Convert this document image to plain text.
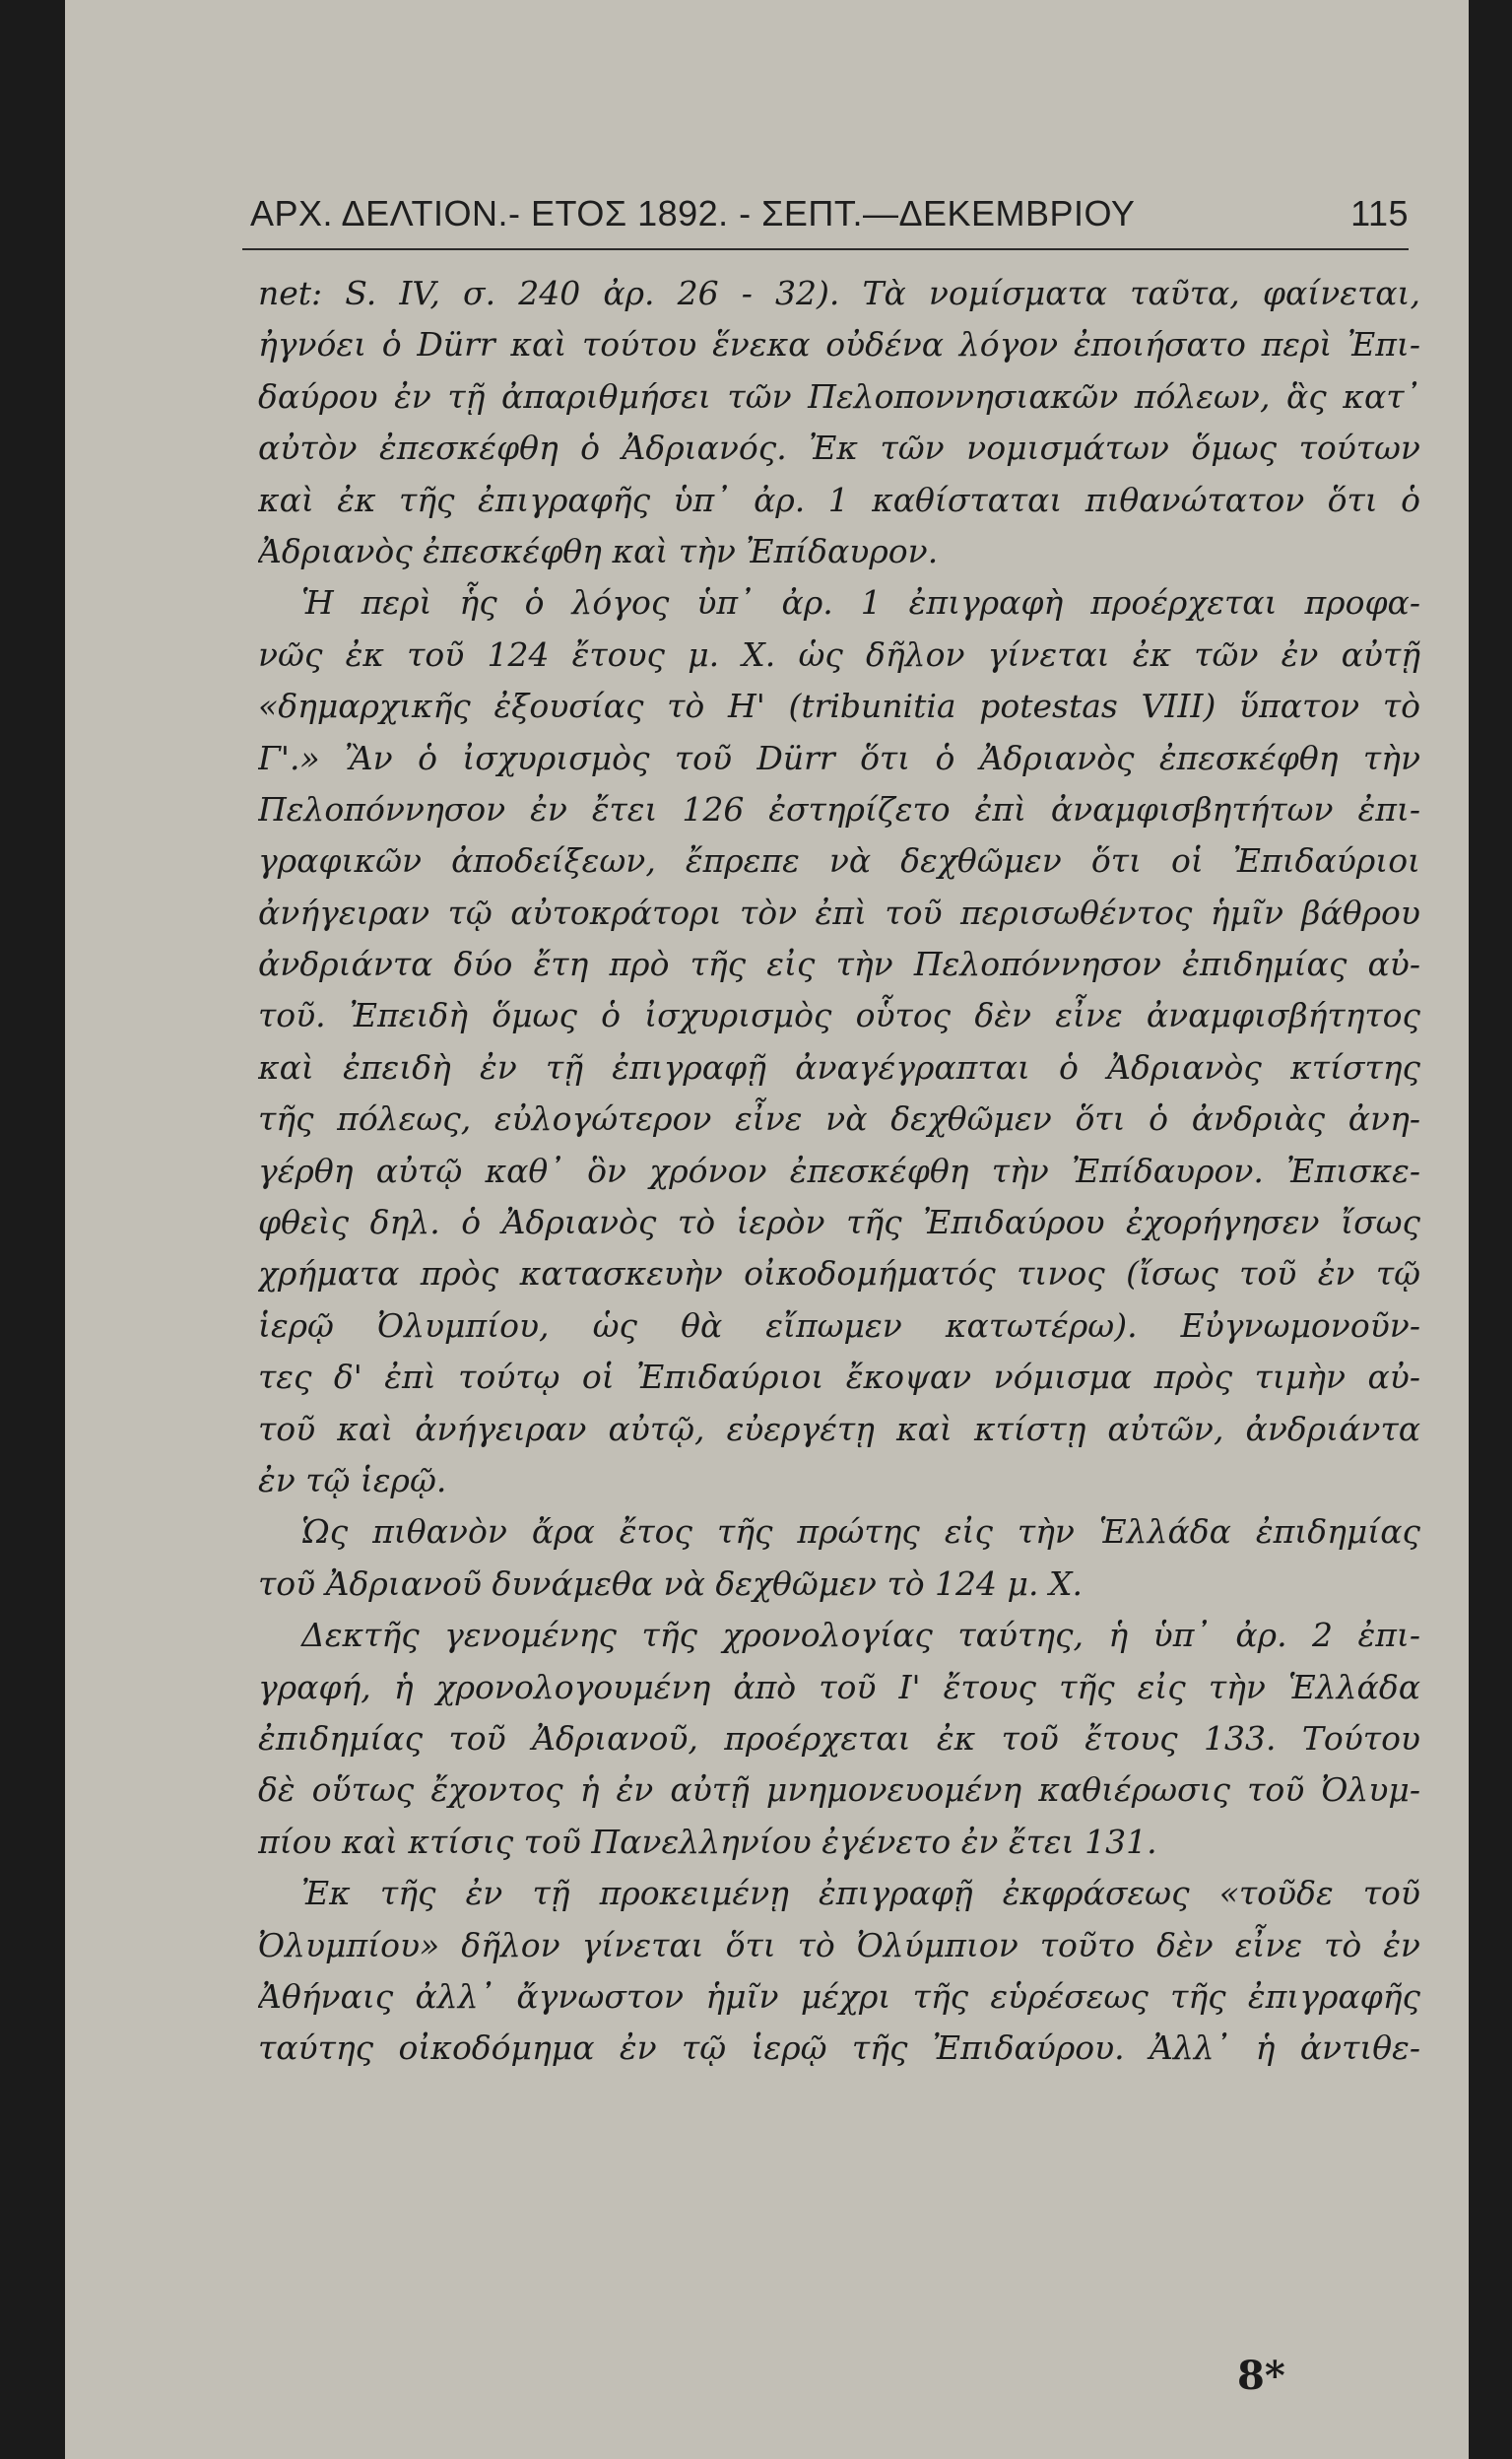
ΑΡΧ. ΔΕΛΤΙΟΝ.- ΕΤΟΣ 1892. - ΣΕΠΤ.—ΔΕΚΕΜΒΡΙΟΥ	115
net: S. IV, σ. 240 ἀρ. 26 - 32). Τὰ νομίσματα ταῦτα, φαίνεται,
ἠγνόει ὁ Dürr καὶ τούτου ἕνεκα οὐδένα λόγον ἐποιήσατο περὶ Ἐπι-
δαύρου ἐν τῇ ἀπαριθμήσει τῶν Πελοποννησιακῶν πόλεων, ἃς κατ᾽
αὐτὸν ἐπεσκέφθη ὁ Ἀδριανός. Ἐκ τῶν νομισμάτων ὅμως τούτων
καὶ ἐκ τῆς ἐπιγραφῆς ὑπ᾽ ἀρ. 1 καθίσταται πιθανώτατον ὅτι ὁ
Ἀδριανὸς ἐπεσκέφθη καὶ τὴν Ἐπίδαυρον.
Ἡ περὶ ἧς ὁ λόγος ὑπ᾽ ἀρ. 1 ἐπιγραφὴ προέρχεται προφα-
νῶς ἐκ τοῦ 124 ἔτους μ. Χ. ὡς δῆλον γίνεται ἐκ τῶν ἐν αὐτῇ
«δημαρχικῆς ἐξουσίας τὸ Η' (tribunitia potestas VIII) ὕπατον τὸ
Γ'.» Ἂν ὁ ἰσχυρισμὸς τοῦ Dürr ὅτι ὁ Ἀδριανὸς ἐπεσκέφθη τὴν
Πελοπόννησον ἐν ἔτει 126 ἐστηρίζετο ἐπὶ ἀναμφισβητήτων ἐπι-
γραφικῶν ἀποδείξεων, ἔπρεπε νὰ δεχθῶμεν ὅτι οἱ Ἐπιδαύριοι
ἀνήγειραν τῷ αὐτοκράτορι τὸν ἐπὶ τοῦ περισωθέντος ἡμῖν βάθρου
ἀνδριάντα δύο ἔτη πρὸ τῆς εἰς τὴν Πελοπόννησον ἐπιδημίας αὐ-
τοῦ. Ἐπειδὴ ὅμως ὁ ἰσχυρισμὸς οὗτος δὲν εἶνε ἀναμφισβήτητος
καὶ ἐπειδὴ ἐν τῇ ἐπιγραφῇ ἀναγέγραπται ὁ Ἀδριανὸς κτίστης
τῆς πόλεως, εὐλογώτερον εἶνε νὰ δεχθῶμεν ὅτι ὁ ἀνδριὰς ἀνη-
γέρθη αὐτῷ καθ᾽ ὃν χρόνον ἐπεσκέφθη τὴν Ἐπίδαυρον. Ἐπισκε-
φθεὶς δηλ. ὁ Ἀδριανὸς τὸ ἱερὸν τῆς Ἐπιδαύρου ἐχορήγησεν ἴσως
χρήματα πρὸς κατασκευὴν οἰκοδομήματός τινος (ἴσως τοῦ ἐν τῷ
ἱερῷ Ὀλυμπίου, ὡς θὰ εἴπωμεν κατωτέρω). Εὐγνωμονοῦν-
τες δ' ἐπὶ τούτῳ οἱ Ἐπιδαύριοι ἔκοψαν νόμισμα πρὸς τιμὴν αὐ-
τοῦ καὶ ἀνήγειραν αὐτῷ, εὐεργέτῃ καὶ κτίστῃ αὐτῶν, ἀνδριάντα
ἐν τῷ ἱερῷ.
Ὡς πιθανὸν ἄρα ἔτος τῆς πρώτης εἰς τὴν Ἑλλάδα ἐπιδημίας
τοῦ Ἀδριανοῦ δυνάμεθα νὰ δεχθῶμεν τὸ 124 μ. Χ.
Δεκτῆς γενομένης τῆς χρονολογίας ταύτης, ἡ ὑπ᾽ ἀρ. 2 ἐπι-
γραφή, ἡ χρονολογουμένη ἀπὸ τοῦ Ι' ἔτους τῆς εἰς τὴν Ἑλλάδα
ἐπιδημίας τοῦ Ἀδριανοῦ, προέρχεται ἐκ τοῦ ἔτους 133. Τούτου
δὲ οὕτως ἔχοντος ἡ ἐν αὐτῇ μνημονευομένη καθιέρωσις τοῦ Ὀλυμ-
πίου καὶ κτίσις τοῦ Πανελληνίου ἐγένετο ἐν ἔτει 131.
Ἐκ τῆς ἐν τῇ προκειμένῃ ἐπιγραφῇ ἐκφράσεως «τοῦδε τοῦ
Ὀλυμπίου» δῆλον γίνεται ὅτι τὸ Ὀλύμπιον τοῦτο δὲν εἶνε τὸ ἐν
Ἀθήναις ἀλλ᾽ ἄγνωστον ἡμῖν μέχρι τῆς εὑρέσεως τῆς ἐπιγραφῆς
ταύτης οἰκοδόμημα ἐν τῷ ἱερῷ τῆς Ἐπιδαύρου. Ἀλλ᾽ ἡ ἀντιθε-
8*
